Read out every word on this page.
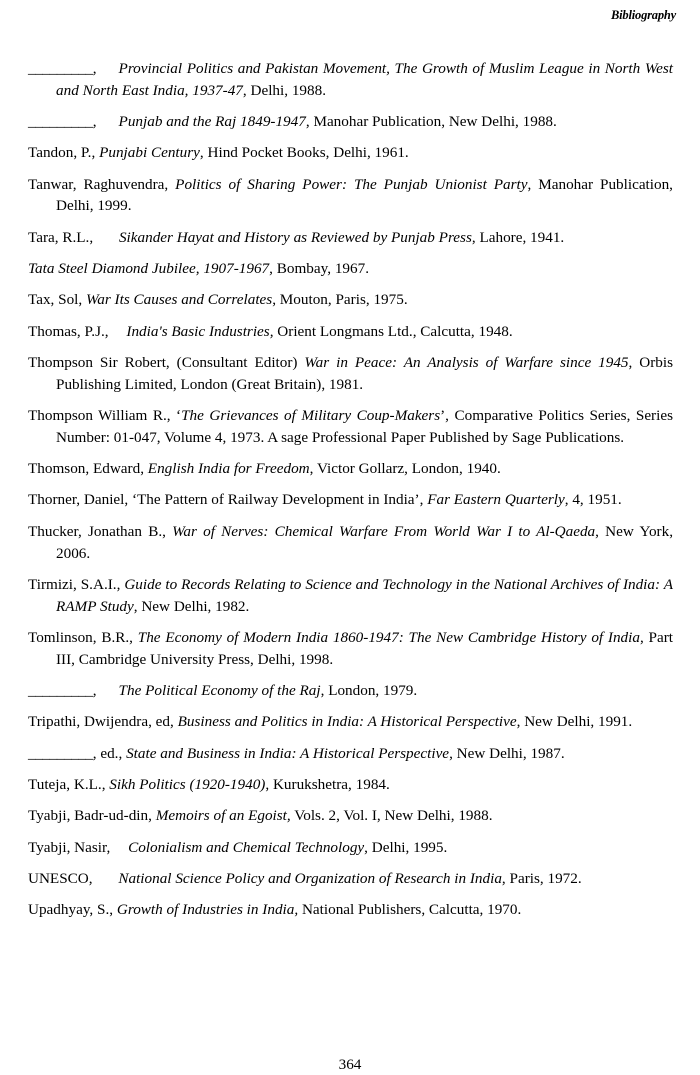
Bibliography

_________, Provincial Politics and Pakistan Movement, The Growth of Muslim League in North West and North East India, 1937-47, Delhi, 1988.

_________, Punjab and the Raj 1849-1947, Manohar Publication, New Delhi, 1988.

Tandon, P., Punjabi Century, Hind Pocket Books, Delhi, 1961.

Tanwar, Raghuvendra, Politics of Sharing Power: The Punjab Unionist Party, Manohar Publication, Delhi, 1999.

Tara, R.L., Sikander Hayat and History as Reviewed by Punjab Press, Lahore, 1941.

Tata Steel Diamond Jubilee, 1907-1967, Bombay, 1967.

Tax, Sol, War Its Causes and Correlates, Mouton, Paris, 1975.

Thomas, P.J., India's Basic Industries, Orient Longmans Ltd., Calcutta, 1948.

Thompson Sir Robert, (Consultant Editor) War in Peace: An Analysis of Warfare since 1945, Orbis Publishing Limited, London (Great Britain), 1981.

Thompson William R., ‘The Grievances of Military Coup-Makers’, Comparative Politics Series, Series Number: 01-047, Volume 4, 1973. A sage Professional Paper Published by Sage Publications.

Thomson, Edward, English India for Freedom, Victor Gollarz, London, 1940.

Thorner, Daniel, ‘The Pattern of Railway Development in India’, Far Eastern Quarterly, 4, 1951.

Thucker, Jonathan B., War of Nerves: Chemical Warfare From World War I to Al-Qaeda, New York, 2006.

Tirmizi, S.A.I., Guide to Records Relating to Science and Technology in the National Archives of India: A RAMP Study, New Delhi, 1982.

Tomlinson, B.R., The Economy of Modern India 1860-1947: The New Cambridge History of India, Part III, Cambridge University Press, Delhi, 1998.

_________, The Political Economy of the Raj, London, 1979.

Tripathi, Dwijendra, ed, Business and Politics in India: A Historical Perspective, New Delhi, 1991.

_________, ed., State and Business in India: A Historical Perspective, New Delhi, 1987.

Tuteja, K.L., Sikh Politics (1920-1940), Kurukshetra, 1984.

Tyabji, Badr-ud-din, Memoirs of an Egoist, Vols. 2, Vol. I, New Delhi, 1988.

Tyabji, Nasir, Colonialism and Chemical Technology, Delhi, 1995.

UNESCO, National Science Policy and Organization of Research in India, Paris, 1972.

Upadhyay, S., Growth of Industries in India, National Publishers, Calcutta, 1970.

364
